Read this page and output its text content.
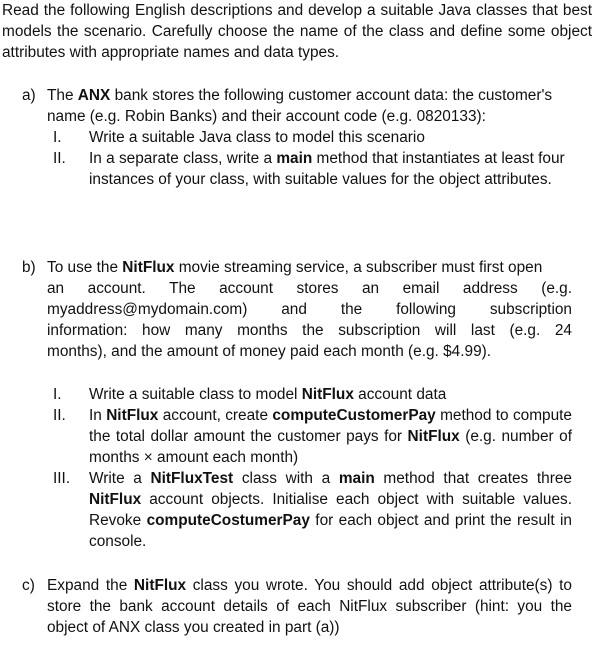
Read the following English descriptions and develop a suitable Java classes that best models the scenario. Carefully choose the name of the class and define some object attributes with appropriate names and data types.

a) The ANX bank stores the following customer account data: the customer's name (e.g. Robin Banks) and their account code (e.g. 0820133):

I.	Write a suitable Java class to model this scenario

II.	In a separate class, write a main method that instantiates at least four instances of your class, with suitable values for the object attributes.

b) To use the NitFlux movie streaming service, a subscriber must first open

an account. The account stores an email address (e.g.

myaddress@mydomain.com) and the following subscription

information: how many months the subscription will last (e.g. 24

months), and the amount of money paid each month (e.g. $4.99).

I.	Write a suitable class to model NitFlux account data

II.	In NitFlux account, create computeCustomerPay method to compute the total dollar amount the customer pays for NitFlux (e.g. number of months × amount each month)

III.	Write a NitFluxTest class with a main method that creates three NitFlux account objects. Initialise each object with suitable values. Revoke computeCostumerPay for each object and print the result in console.

c) Expand the NitFlux class you wrote. You should add object attribute(s) to store the bank account details of each NitFlux subscriber (hint: you the object of ANX class you created in part (a))
